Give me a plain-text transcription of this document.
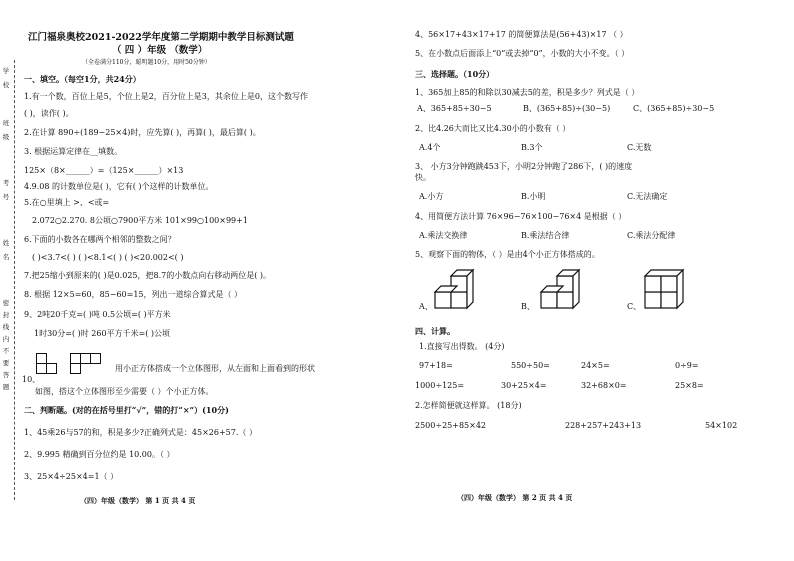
学
校
班
级
考
号
姓
名
密
封
线
内
不
要
答
题
江门福泉奥校2021-2022学年度第二学期期中教学目标测试题
（ 四 ）年级 （数学）
（全卷满分110分，聪明题10分，用时50分钟）
一、填空。（每空1分，共24分）
1.有一个数，百位上是5，个位上是2，百分位上是3，其余位上是0，这个数写作
( )，读作( )。
2.在计算 890÷(189−25×4)时，应先算( )，再算( )，最后算( )。
3. 根据运算定律在__填数。
125×（8×______）=（125×______）×13
4.9.08 的计数单位是( )，它有( )个这样的计数单位。
5.在○里填上 >、<或=
2.072○2.270. 8公顷○7900平方米 101×99○100×99+1
6.下面的小数各在哪两个相邻的整数之间？
( )<3.7<( ) ( )<8.1<( ) ( )<20.002<( )
7.把25缩小到原来的( )是0.025，把8.7的小数点向右移动两位是( )。
8. 根据 12×5=60，85−60=15，列出一道综合算式是（ ）
9、2吨20千克=( )吨 0.5公顷=( )平方米
1时30分=( )时 260平方千米=( )公顷
用小正方体搭成一个立体图形，从左面和上面看到的形状
10、
如图，搭这个立体图形至少需要（ ）个小正方体。
二、判断题。(对的在括号里打“√”，错的打“×”）(10分)
1、45乘26与57的和，积是多少?正确列式是：45×26+57.（ ）
2、9.995 精确到百分位约是 10.00。（ ）
3、25×4÷25×4=1（ ）
（四）年级（数学） 第 1 页 共 4 页
4、56×17+43×17+17 的简便算法是(56+43)×17 （ ）
5、在小数点后面添上“0”或去掉“0”，小数的大小不变。（ ）
三、选择题。（10分）
1、365加上85的和除以30减去5的差，积是多少？列式是（ ）
A、365+85÷30−5	B、(365+85)÷(30−5)	C、(365+85)÷30−5
2、比4.26大而比又比4.30小的小数有（ ）
A.4个	B.3个	C.无数
3、 小方3分钟跑跳453下，小明2分钟跑了286下，( )的速度
快。
A.小方	B.小明	C.无法确定
4、用简便方法计算 76×96−76×100−76×4 是根据（ ）
A.乘法交换律	B.乘法结合律	C.乘法分配律
5、观察下面的物体，（ ）是由4个小正方体搭成的。
A、	B、	C、
四、计算。
1.直接写出得数。 (4分)
97+18=	550÷50=	24×5=	0÷9=
1000÷125=	30+25×4=	32+68×0=	25×8=
2.怎样简便就这样算。 (18分)
2500÷25+85×42	228+257+243+13	54×102
（四）年级（数学） 第 2 页 共 4 页
